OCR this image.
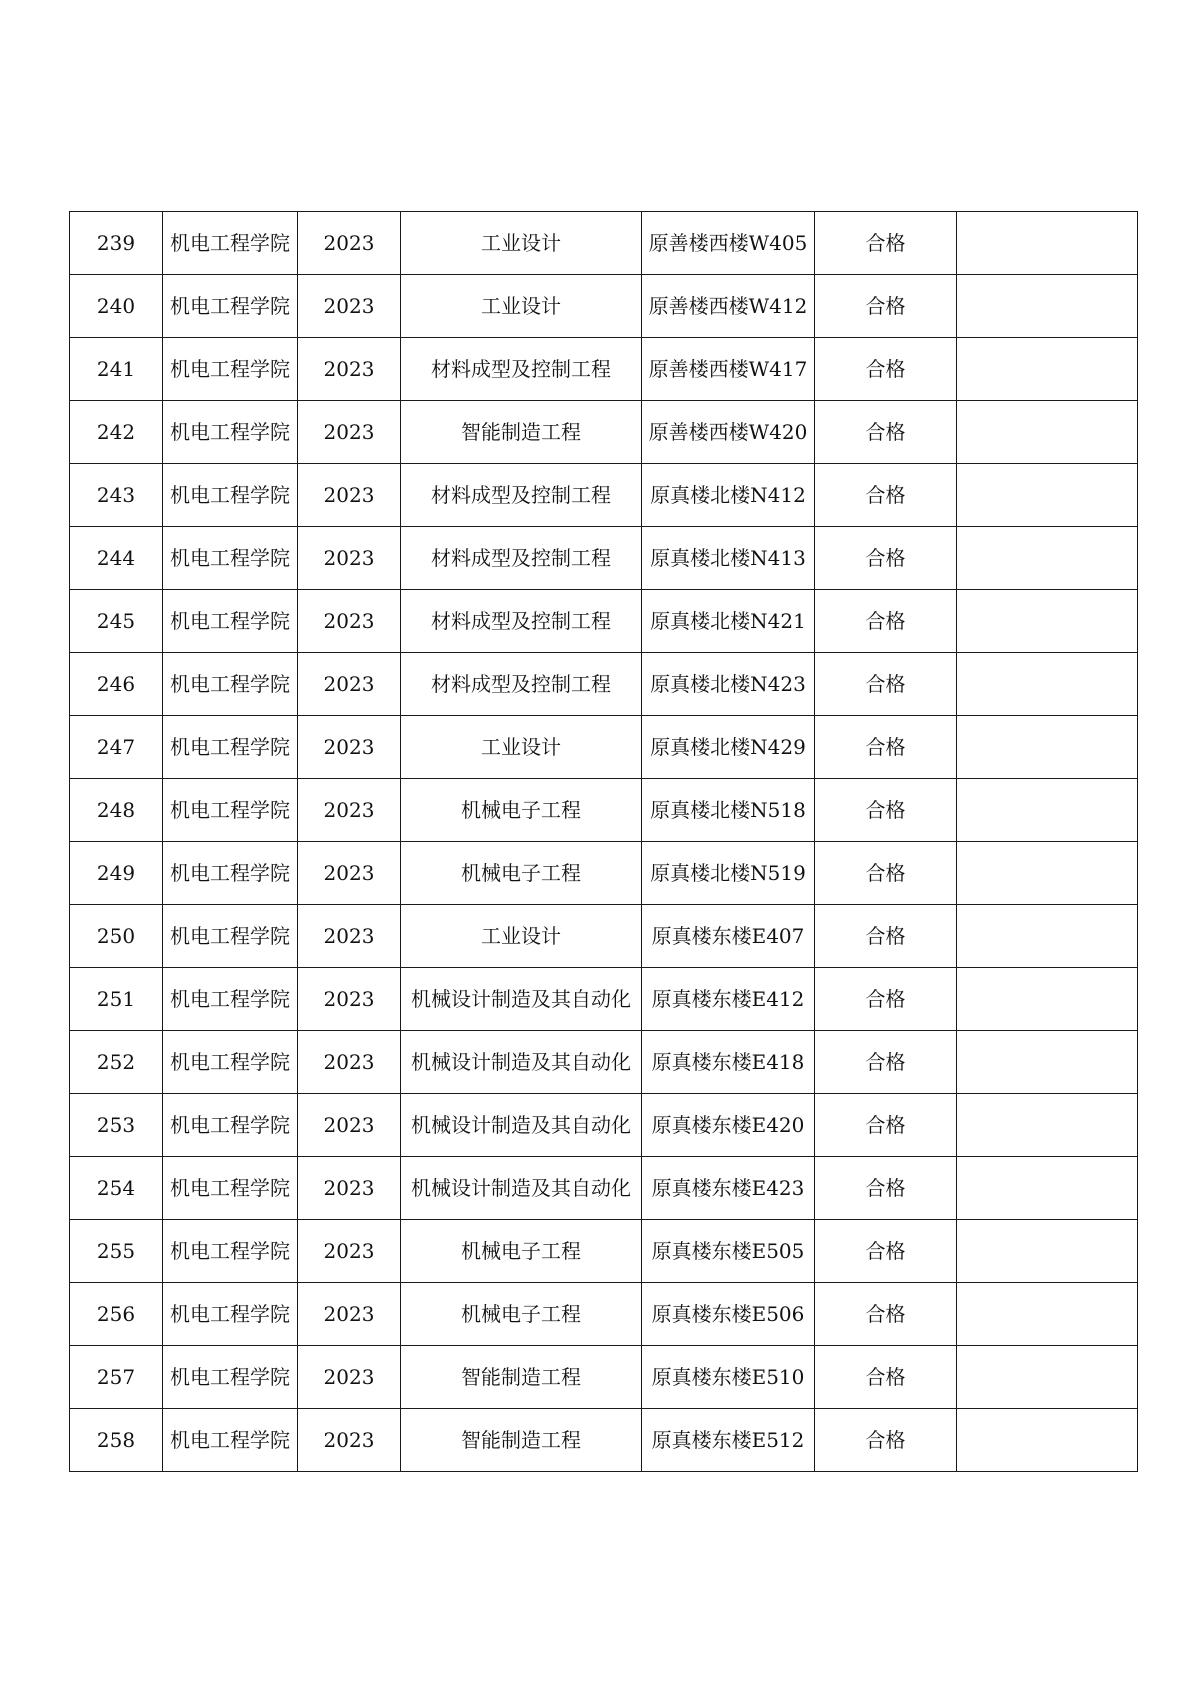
239	机电工程学院	2023	工业设计	原善楼西楼W405	合格	
240	机电工程学院	2023	工业设计	原善楼西楼W412	合格	
241	机电工程学院	2023	材料成型及控制工程	原善楼西楼W417	合格	
242	机电工程学院	2023	智能制造工程	原善楼西楼W420	合格	
243	机电工程学院	2023	材料成型及控制工程	原真楼北楼N412	合格	
244	机电工程学院	2023	材料成型及控制工程	原真楼北楼N413	合格	
245	机电工程学院	2023	材料成型及控制工程	原真楼北楼N421	合格	
246	机电工程学院	2023	材料成型及控制工程	原真楼北楼N423	合格	
247	机电工程学院	2023	工业设计	原真楼北楼N429	合格	
248	机电工程学院	2023	机械电子工程	原真楼北楼N518	合格	
249	机电工程学院	2023	机械电子工程	原真楼北楼N519	合格	
250	机电工程学院	2023	工业设计	原真楼东楼E407	合格	
251	机电工程学院	2023	机械设计制造及其自动化	原真楼东楼E412	合格	
252	机电工程学院	2023	机械设计制造及其自动化	原真楼东楼E418	合格	
253	机电工程学院	2023	机械设计制造及其自动化	原真楼东楼E420	合格	
254	机电工程学院	2023	机械设计制造及其自动化	原真楼东楼E423	合格	
255	机电工程学院	2023	机械电子工程	原真楼东楼E505	合格	
256	机电工程学院	2023	机械电子工程	原真楼东楼E506	合格	
257	机电工程学院	2023	智能制造工程	原真楼东楼E510	合格	
258	机电工程学院	2023	智能制造工程	原真楼东楼E512	合格	
